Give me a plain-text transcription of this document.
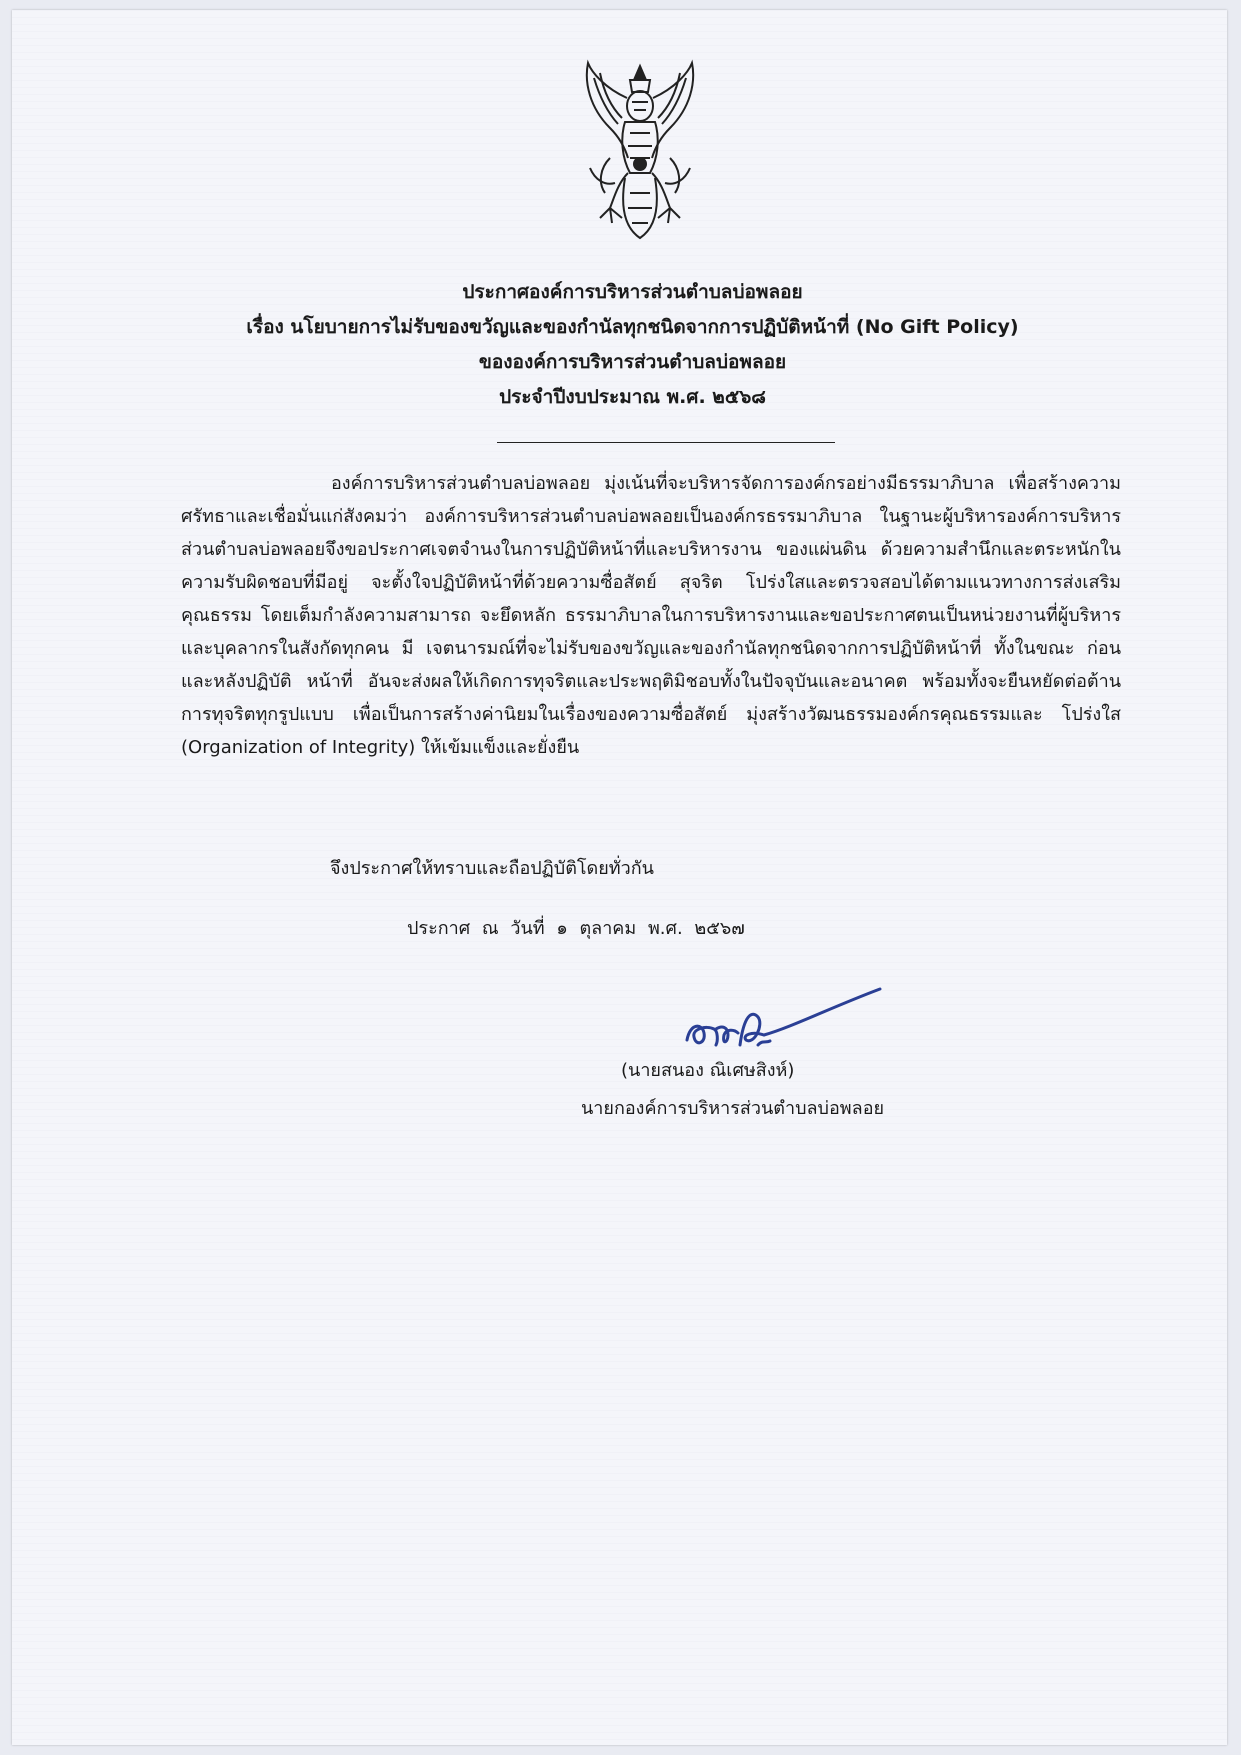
ประกาศองค์การบริหารส่วนตำบลบ่อพลอย
เรื่อง นโยบายการไม่รับของขวัญและของกำนัลทุกชนิดจากการปฏิบัติหน้าที่ (No Gift Policy)
ขององค์การบริหารส่วนตำบลบ่อพลอย
ประจำปีงบประมาณ พ.ศ. ๒๕๖๘
องค์การบริหารส่วนตำบลบ่อพลอย มุ่งเน้นที่จะบริหารจัดการองค์กรอย่างมีธรรมาภิบาล เพื่อสร้างความศรัทธาและเชื่อมั่นแก่สังคมว่า องค์การบริหารส่วนตำบลบ่อพลอยเป็นองค์กรธรรมาภิบาล ในฐานะผู้บริหารองค์การบริหารส่วนตำบลบ่อพลอยจึงขอประกาศเจตจำนงในการปฏิบัติหน้าที่และบริหารงาน ของแผ่นดิน ด้วยความสำนึกและตระหนักในความรับผิดชอบที่มีอยู่ จะตั้งใจปฏิบัติหน้าที่ด้วยความซื่อสัตย์ สุจริต โปร่งใสและตรวจสอบได้ตามแนวทางการส่งเสริมคุณธรรม โดยเต็มกำลังความสามารถ จะยึดหลัก ธรรมาภิบาลในการบริหารงานและขอประกาศตนเป็นหน่วยงานที่ผู้บริหารและบุคลากรในสังกัดทุกคน มี เจตนารมณ์ที่จะไม่รับของขวัญและของกำนัลทุกชนิดจากการปฏิบัติหน้าที่ ทั้งในขณะ ก่อน และหลังปฏิบัติ หน้าที่ อันจะส่งผลให้เกิดการทุจริตและประพฤติมิชอบทั้งในปัจจุบันและอนาคต พร้อมทั้งจะยืนหยัดต่อต้าน การทุจริตทุกรูปแบบ เพื่อเป็นการสร้างค่านิยมในเรื่องของความซื่อสัตย์ มุ่งสร้างวัฒนธรรมองค์กรคุณธรรมและ โปร่งใส (Organization of Integrity) ให้เข้มแข็งและยั่งยืน
จึงประกาศให้ทราบและถือปฏิบัติโดยทั่วกัน
ประกาศ ณ วันที่ ๑ ตุลาคม พ.ศ. ๒๕๖๗
(นายสนอง ณิเศษสิงห์)
นายกองค์การบริหารส่วนตำบลบ่อพลอย
